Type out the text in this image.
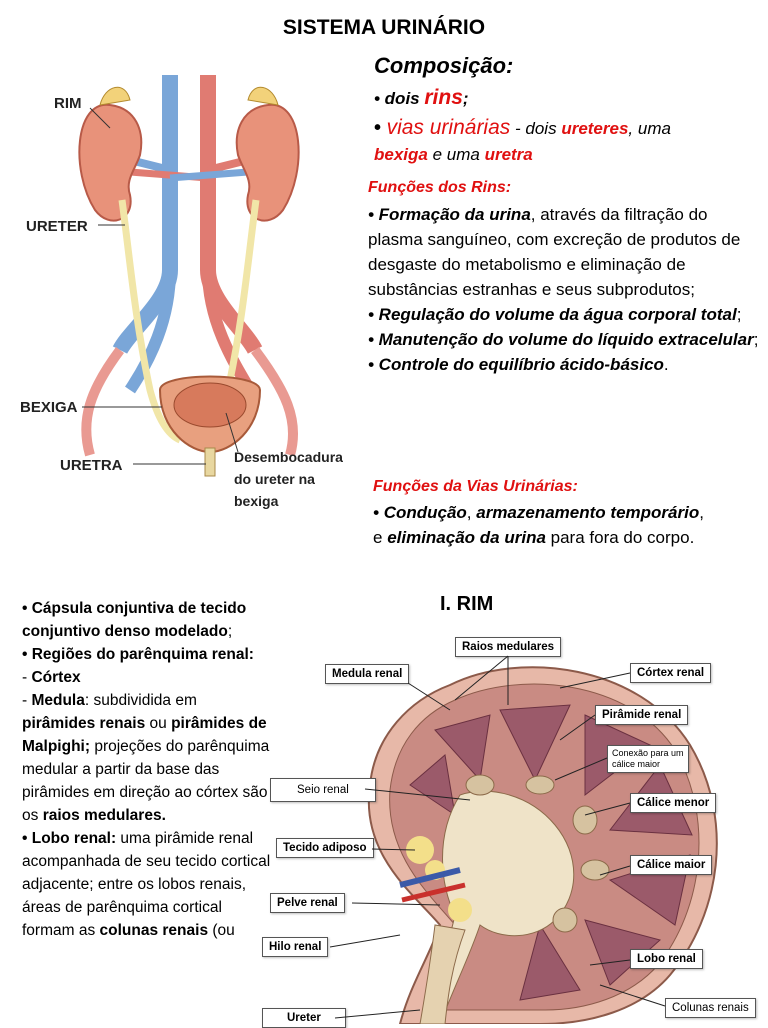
SISTEMA URINÁRIO
RIM
URETER
BEXIGA
URETRA	Desembocadura
do ureter na
bexiga
Composição:
• dois rins;
• vias urinárias - dois ureteres, uma
bexiga e uma uretra
Funções dos Rins:
• Formação da urina, através da filtração do plasma sanguíneo, com excreção de produtos de desgaste do metabolismo e eliminação de substâncias estranhas e seus subprodutos;
• Regulação do volume da água corporal total;
• Manutenção do volume do líquido extracelular;
• Controle do equilíbrio ácido-básico.
Funções da Vias Urinárias:
• Condução, armazenamento temporário,
e eliminação da urina para fora do corpo.
• Cápsula conjuntiva de tecido conjuntivo denso modelado;
• Regiões do parênquima renal:
- Córtex
- Medula: subdividida em pirâmides renais ou pirâmides de Malpighi; projeções do parênquima medular a partir da base das pirâmides em direção ao córtex são os raios medulares.
• Lobo renal: uma pirâmide renal acompanhada de seu tecido cortical adjacente; entre os lobos renais, áreas de parênquima cortical formam as colunas renais (ou
I. RIM
Raios medulares
Medula renal	Córtex renal
Pirâmide renal
Conexão para um
cálice maior
Seio renal
Cálice menor
Tecido adiposo
Cálice maior
Pelve renal
Hilo renal
Lobo renal
Colunas renais
Ureter
